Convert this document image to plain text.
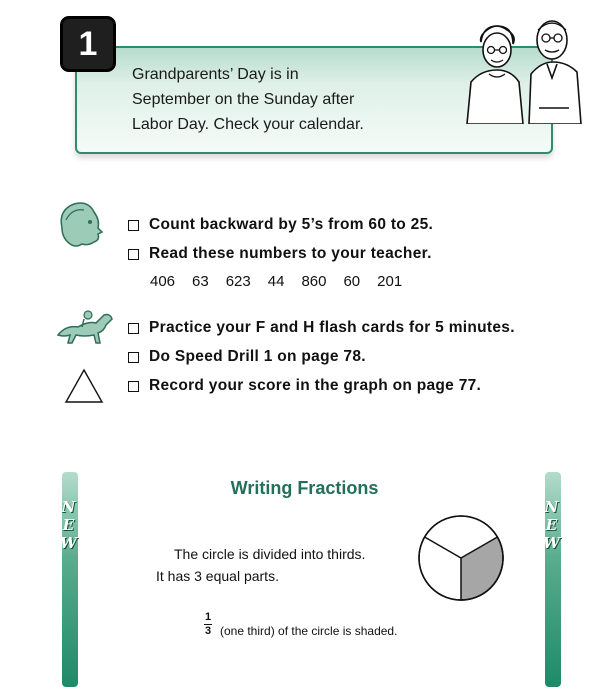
1
Grandparents’ Day is in
September on the Sunday after
Labor Day. Check your calendar.
Count backward by 5’s from 60 to 25.
Read these numbers to your teacher.
406 63 623 44 860 60 201
Practice your F and H flash cards for 5 minutes.
Do Speed Drill 1 on page 78.
Record your score in the graph on page 77.
N
E
W
N
E
W
Writing Fractions
The circle is divided into thirds.
It has 3 equal parts.
1
3 (one third) of the circle is shaded.
